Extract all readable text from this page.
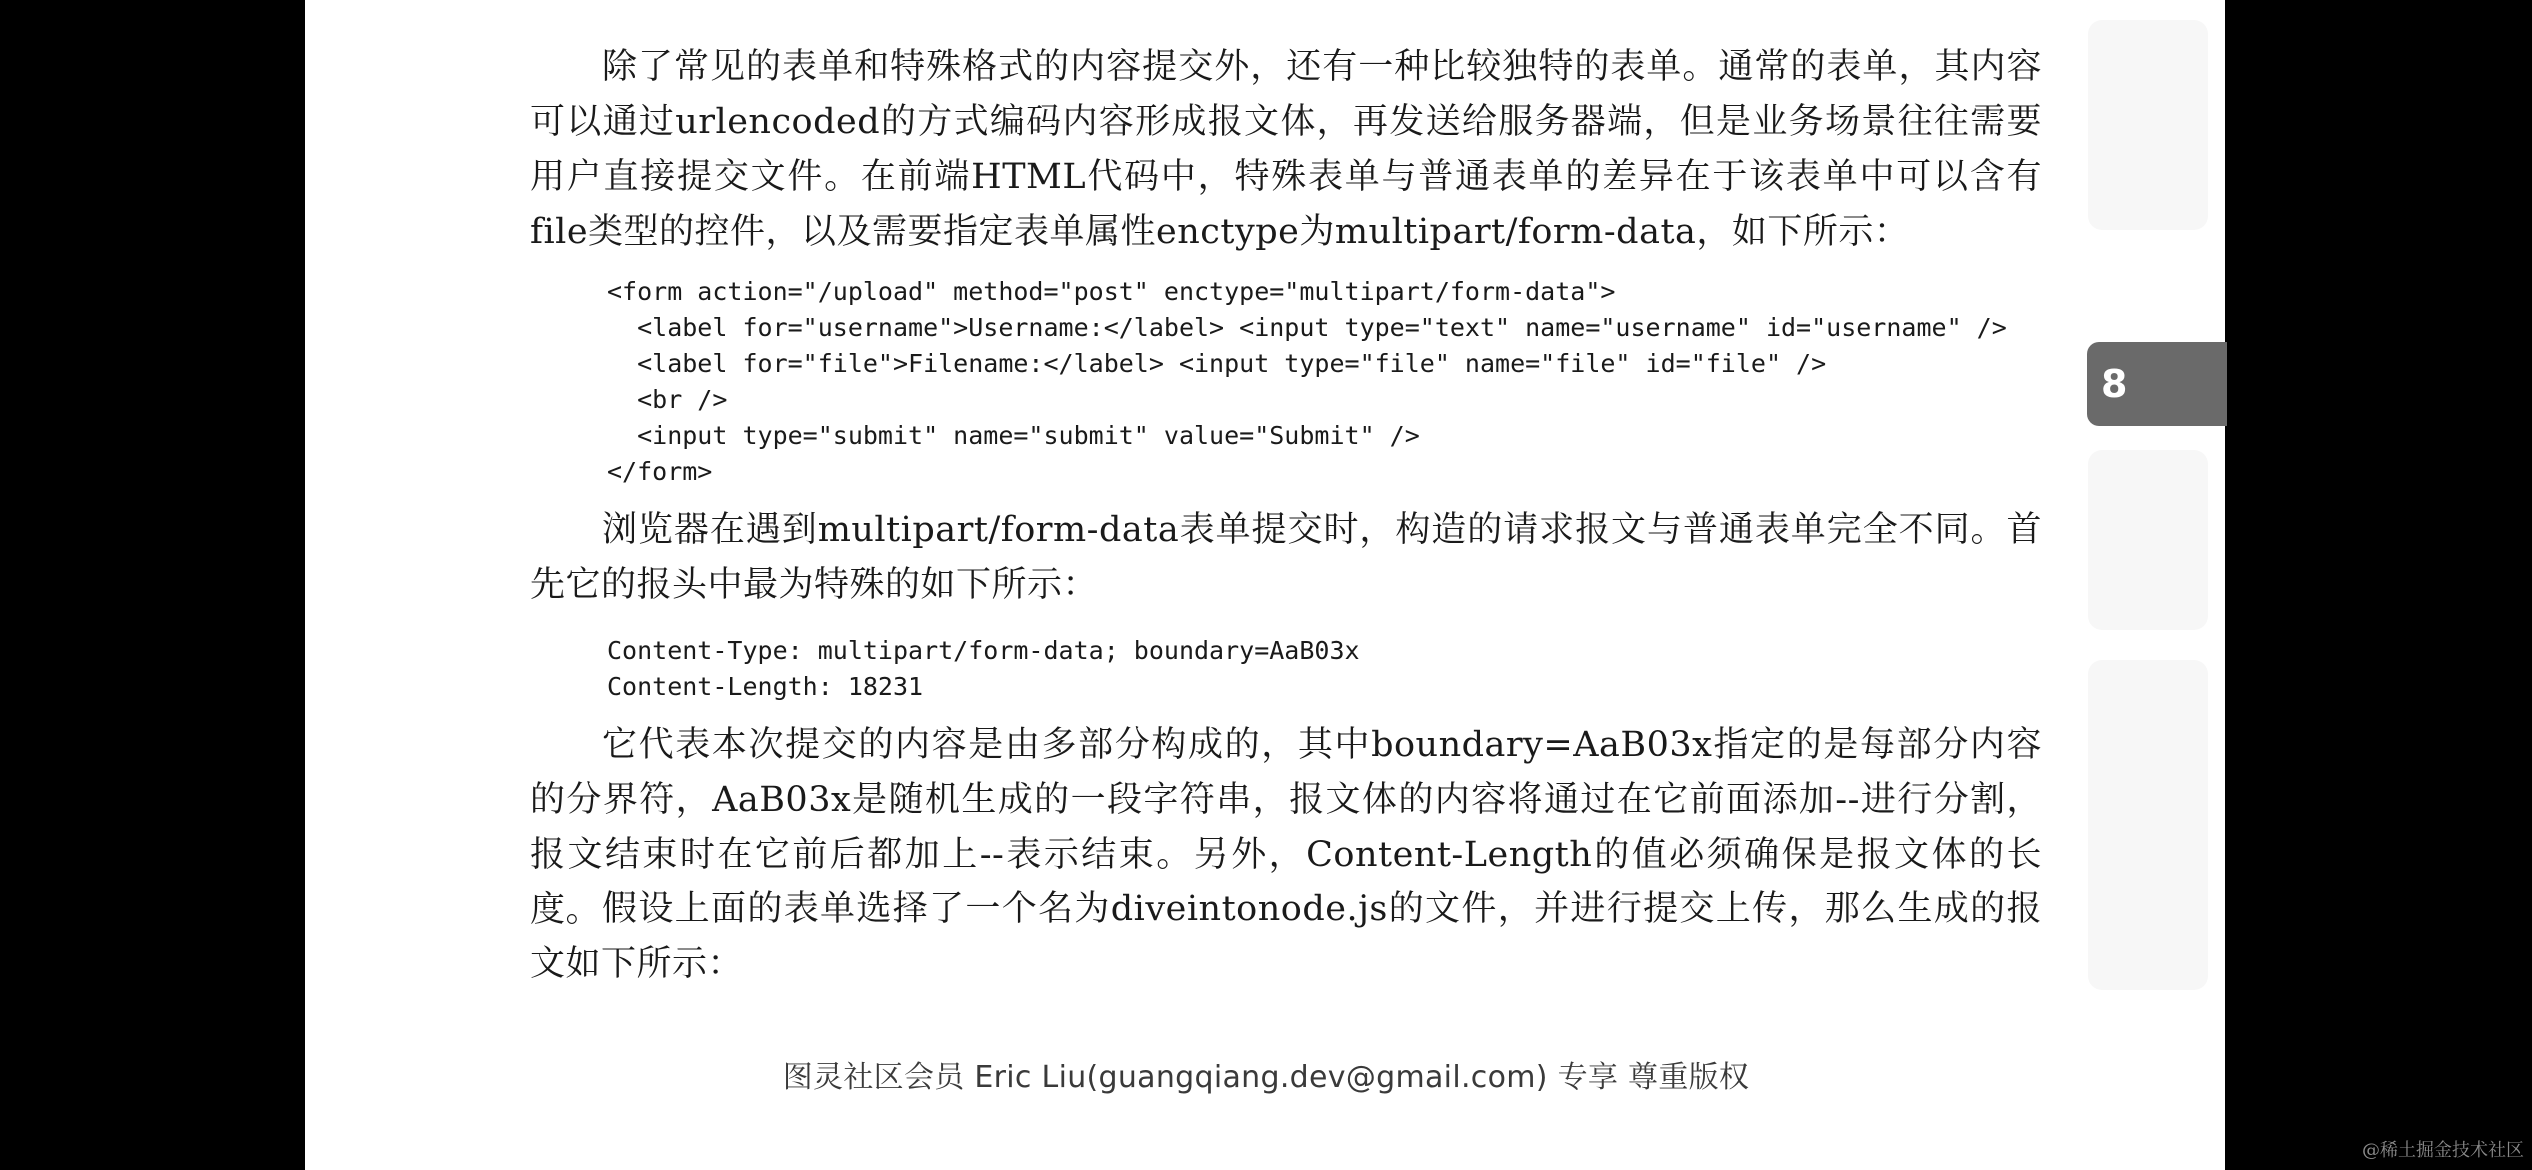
除了常见的表单和特殊格式的内容提交外，还有一种比较独特的表单。通常的表单，其内容可以通过urlencoded的方式编码内容形成报文体，再发送给服务器端，但是业务场景往往需要用户直接提交文件。在前端HTML代码中，特殊表单与普通表单的差异在于该表单中可以含有file类型的控件，以及需要指定表单属性enctype为multipart/form-data，如下所示：

<form action="/upload" method="post" enctype="multipart/form-data">
<label for="username">Username:</label> <input type="text" name="username" id="username" />
<label for="file">Filename:</label> <input type="file" name="file" id="file" />
<br />
<input type="submit" name="submit" value="Submit" />
</form>

浏览器在遇到multipart/form-data表单提交时，构造的请求报文与普通表单完全不同。首先它的报头中最为特殊的如下所示：

Content-Type: multipart/form-data; boundary=AaB03x
Content-Length: 18231

它代表本次提交的内容是由多部分构成的，其中boundary=AaB03x指定的是每部分内容的分界符，AaB03x是随机生成的一段字符串，报文体的内容将通过在它前面添加--进行分割，报文结束时在它前后都加上--表示结束。另外，Content-Length的值必须确保是报文体的长度。 假设上面的表单选择了一个名为diveintonode.js的文件，并进行提交上传，那么生成的报文如下所示：

图灵社区会员 Eric Liu(guangqiang.dev@gmail.com) 专享 尊重版权
8
@稀土掘金技术社区
